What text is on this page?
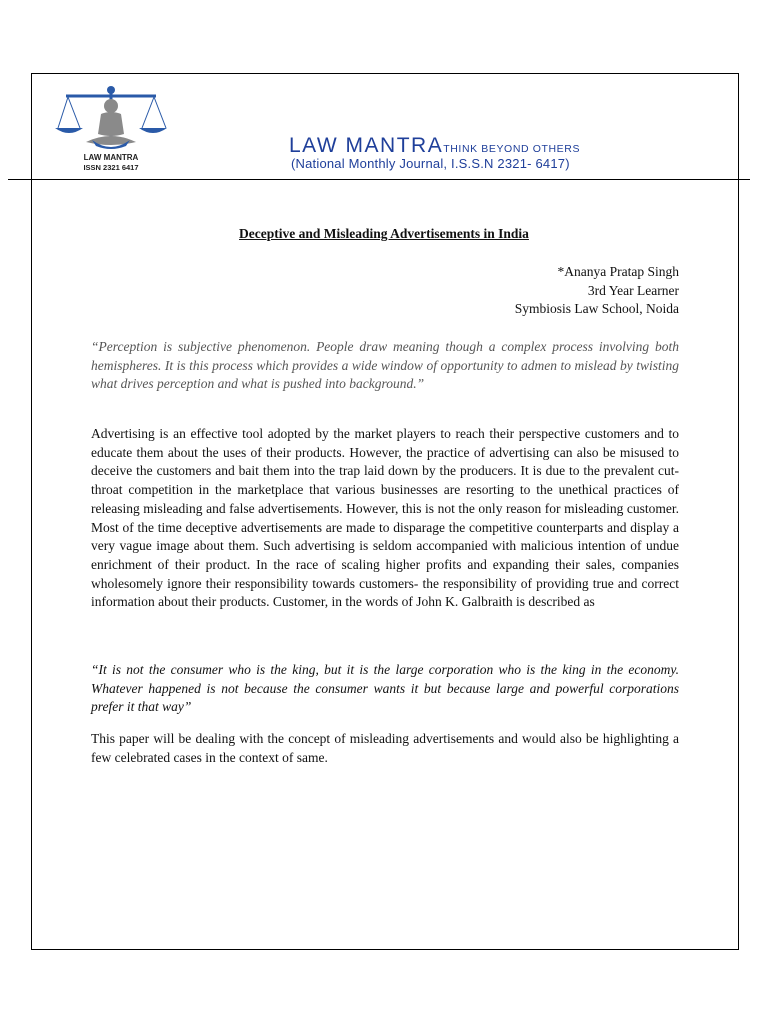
LAW MANTRA
ISSN 2321 6417
LAW MANTRATHINK BEYOND OTHERS
(National Monthly Journal, I.S.S.N 2321- 6417)
Deceptive and Misleading Advertisements in India
*Ananya Pratap Singh
3rd Year Learner
Symbiosis Law School, Noida
“Perception is subjective phenomenon. People draw meaning though a complex process involving both hemispheres. It is this process which provides a wide window of opportunity to admen to mislead by twisting what drives perception and what is pushed into background.”
Advertising is an effective tool adopted by the market players to reach their perspective customers and to educate them about the uses of their products. However, the practice of advertising can also be misused to deceive the customers and bait them into the trap laid down by the producers. It is due to the prevalent cut-throat competition in the marketplace that various businesses are resorting to the unethical practices of releasing misleading and false advertisements. However, this is not the only reason for misleading customer. Most of the time deceptive advertisements are made to disparage the competitive counterparts and display a very vague image about them. Such advertising is seldom accompanied with malicious intention of undue enrichment of their product. In the race of scaling higher profits and expanding their sales, companies wholesomely ignore their responsibility towards customers- the responsibility of providing true and correct information about their products. Customer, in the words of John K. Galbraith is described as
“It is not the consumer who is the king, but it is the large corporation who is the king in the economy. Whatever happened is not because the consumer wants it but because large and powerful corporations prefer it that way”
This paper will be dealing with the concept of misleading advertisements and would also be highlighting a few celebrated cases in the context of same.
